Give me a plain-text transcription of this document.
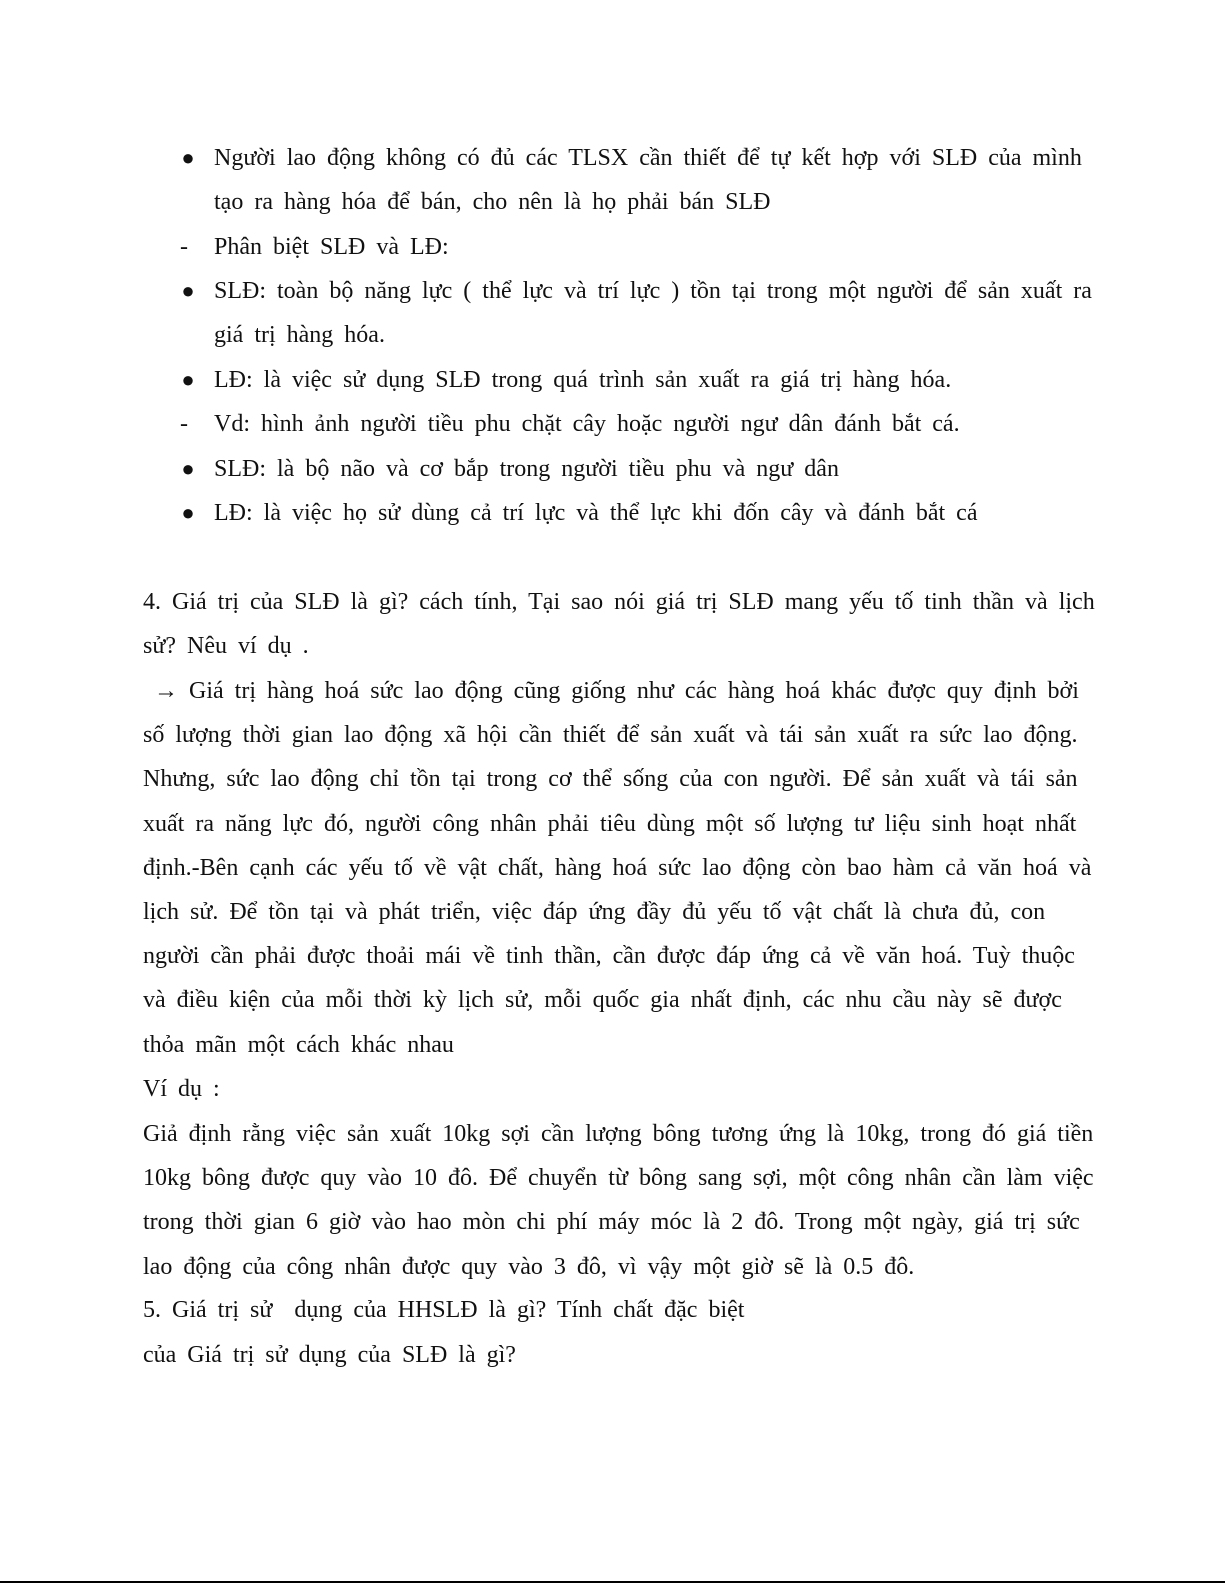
● Người lao động không có đủ các TLSX cần thiết để tự kết hợp với SLĐ của mình
tạo ra hàng hóa để bán, cho nên là họ phải bán SLĐ
-	Phân biệt SLĐ và LĐ:
● SLĐ: toàn bộ năng lực ( thể lực và trí lực ) tồn tại trong một người để sản xuất ra
giá trị hàng hóa.
● LĐ: là việc sử dụng SLĐ trong quá trình sản xuất ra giá trị hàng hóa.
-	Vd: hình ảnh người tiều phu chặt cây hoặc người ngư dân đánh bắt cá.
● SLĐ: là bộ não và cơ bắp trong người tiều phu và ngư dân
● LĐ: là việc họ sử dùng cả trí lực và thể lực khi đốn cây và đánh bắt cá
4. Giá trị của SLĐ là gì? cách tính, Tại sao nói giá trị SLĐ mang yếu tố tinh thần và lịch
sử? Nêu ví dụ .
→ Giá trị hàng hoá sức lao động cũng giống như các hàng hoá khác được quy định bởi
số lượng thời gian lao động xã hội cần thiết để sản xuất và tái sản xuất ra sức lao động.
Nhưng, sức lao động chỉ tồn tại trong cơ thể sống của con người. Để sản xuất và tái sản
xuất ra năng lực đó, người công nhân phải tiêu dùng một số lượng tư liệu sinh hoạt nhất
định.-Bên cạnh các yếu tố về vật chất, hàng hoá sức lao động còn bao hàm cả văn hoá và
lịch sử. Để tồn tại và phát triển, việc đáp ứng đầy đủ yếu tố vật chất là chưa đủ, con
người cần phải được thoải mái về tinh thần, cần được đáp ứng cả về văn hoá. Tuỳ thuộc
và điều kiện của mỗi thời kỳ lịch sử, mỗi quốc gia nhất định, các nhu cầu này sẽ được
thỏa mãn một cách khác nhau
Ví dụ :
Giả định rằng việc sản xuất 10kg sợi cần lượng bông tương ứng là 10kg, trong đó giá tiền
10kg bông được quy vào 10 đô. Để chuyển từ bông sang sợi, một công nhân cần làm việc
trong thời gian 6 giờ vào hao mòn chi phí máy móc là 2 đô. Trong một ngày, giá trị sức
lao động của công nhân được quy vào 3 đô, vì vậy một giờ sẽ là 0.5 đô.
5. Giá trị sử  dụng của HHSLĐ là gì? Tính chất đặc biệt
của Giá trị sử dụng của SLĐ là gì?
